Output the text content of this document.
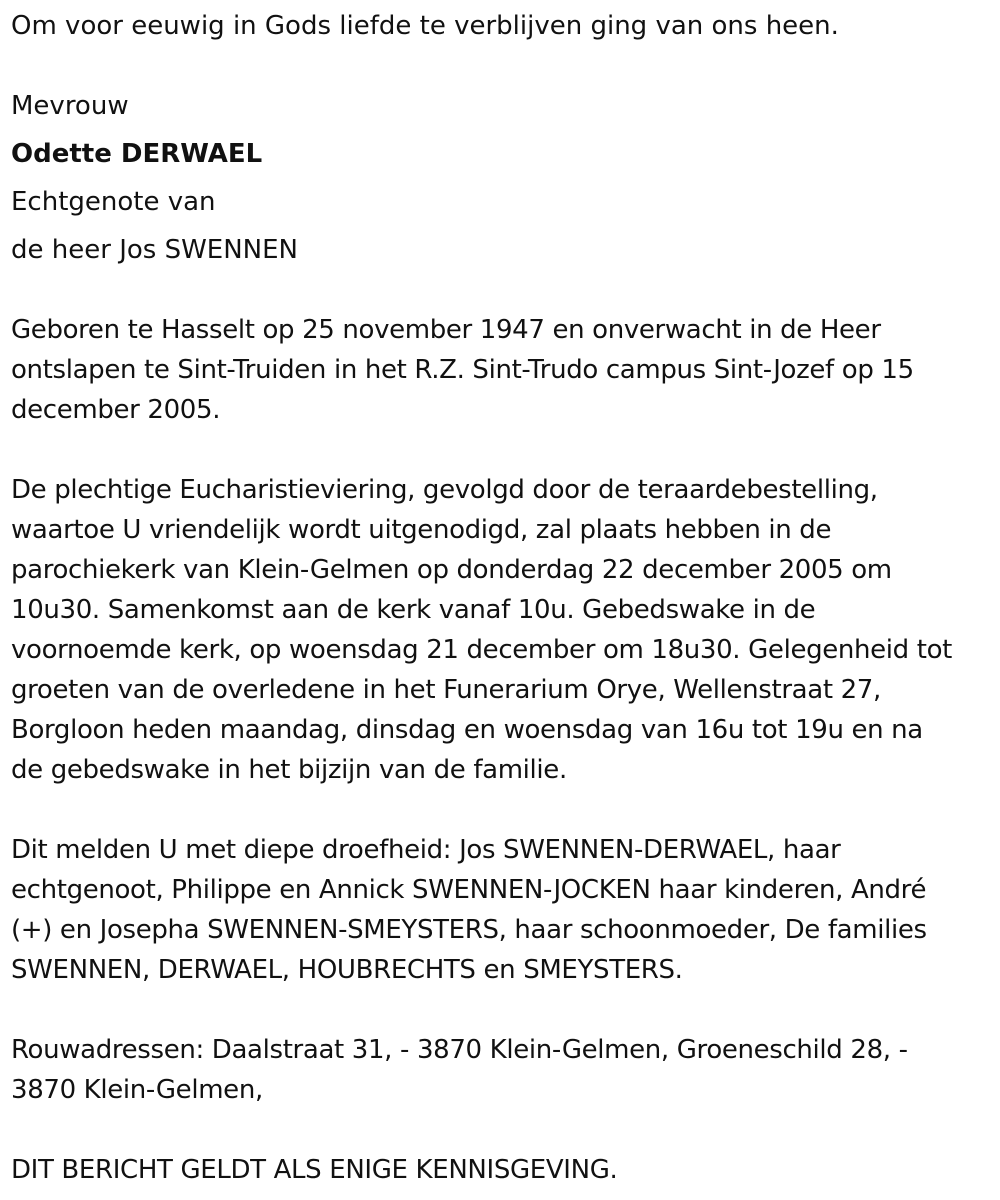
Om voor eeuwig in Gods liefde te verblijven ging van ons heen.

Mevrouw

Odette DERWAEL

Echtgenote van

de heer Jos SWENNEN

Geboren te Hasselt op 25 november 1947 en onverwacht in de Heer

ontslapen te Sint-Truiden in het R.Z. Sint-Trudo campus Sint-Jozef op 15

december 2005.

De plechtige Eucharistieviering, gevolgd door de teraardebestelling,

waartoe U vriendelijk wordt uitgenodigd, zal plaats hebben in de

parochiekerk van Klein-Gelmen op donderdag 22 december 2005 om

10u30. Samenkomst aan de kerk vanaf 10u. Gebedswake in de

voornoemde kerk, op woensdag 21 december om 18u30. Gelegenheid tot

groeten van de overledene in het Funerarium Orye, Wellenstraat 27,

Borgloon heden maandag, dinsdag en woensdag van 16u tot 19u en na

de gebedswake in het bijzijn van de familie.

Dit melden U met diepe droefheid: Jos SWENNEN-DERWAEL, haar

echtgenoot, Philippe en Annick SWENNEN-JOCKEN haar kinderen, André

(+) en Josepha SWENNEN-SMEYSTERS, haar schoonmoeder, De families

SWENNEN, DERWAEL, HOUBRECHTS en SMEYSTERS.

Rouwadressen: Daalstraat 31, - 3870 Klein-Gelmen, Groeneschild 28, -

3870 Klein-Gelmen,

DIT BERICHT GELDT ALS ENIGE KENNISGEVING.
